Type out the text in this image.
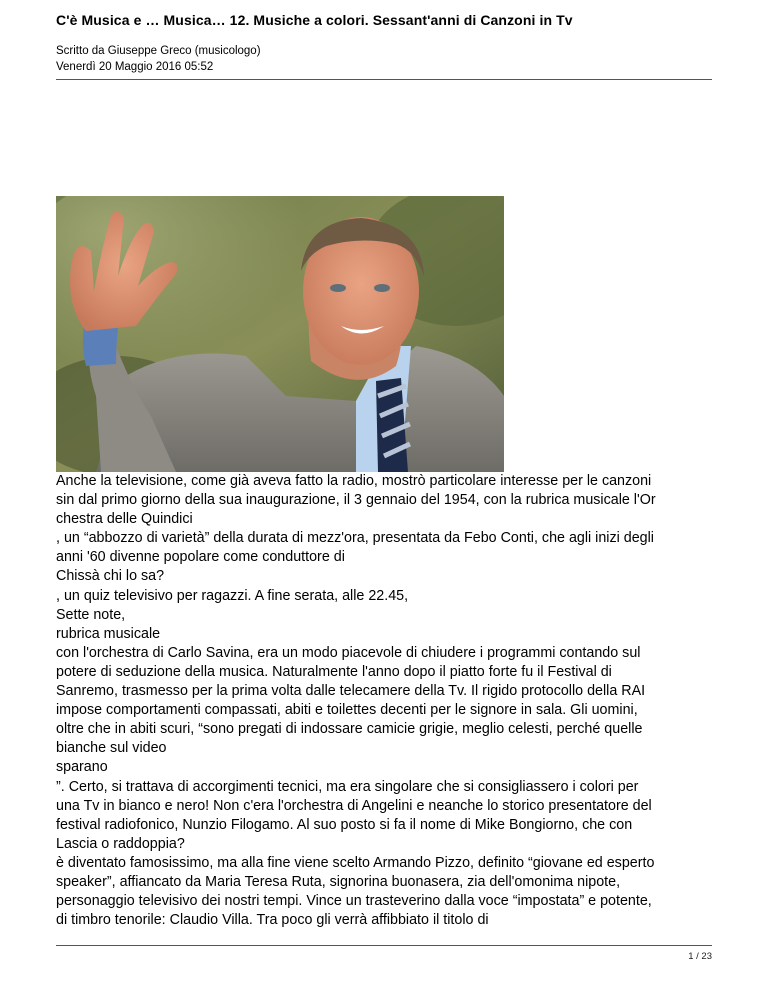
C'è Musica e … Musica… 12. Musiche a colori. Sessant'anni di Canzoni in Tv
Scritto da Giuseppe Greco (musicologo)
Venerdì 20 Maggio 2016 05:52
Anche la televisione, come già aveva fatto la radio, mostrò particolare interesse per le canzoni
sin dal primo giorno della sua inaugurazione, il 3 gennaio del 1954, con la rubrica musicale l'Or
chestra delle Quindici
, un “abbozzo di varietà” della durata di mezz'ora, presentata da Febo Conti, che agli inizi degli
anni '60 divenne popolare come conduttore di
Chissà chi lo sa?
, un quiz televisivo per ragazzi. A fine serata, alle 22.45,
Sette note,
rubrica musicale
con l'orchestra di Carlo Savina, era un modo piacevole di chiudere i programmi contando sul
potere di seduzione della musica. Naturalmente l'anno dopo il piatto forte fu il Festival di
Sanremo, trasmesso per la prima volta dalle telecamere della Tv. Il rigido protocollo della RAI
impose comportamenti compassati, abiti e toilettes decenti per le signore in sala. Gli uomini,
oltre che in abiti scuri, “sono pregati di indossare camicie grigie, meglio celesti, perché quelle
bianche sul video
sparano
”. Certo, si trattava di accorgimenti tecnici, ma era singolare che si consigliassero i colori per
una Tv in bianco e nero! Non c'era l'orchestra di Angelini e neanche lo storico presentatore del
festival radiofonico, Nunzio Filogamo. Al suo posto si fa il nome di Mike Bongiorno, che con
Lascia o raddoppia?
è diventato famosissimo, ma alla fine viene scelto Armando Pizzo, definito “giovane ed esperto
speaker”, affiancato da Maria Teresa Ruta, signorina buonasera, zia dell'omonima nipote,
personaggio televisivo dei nostri tempi. Vince un trasteverino dalla voce “impostata” e potente,
di timbro tenorile: Claudio Villa. Tra poco gli verrà affibbiato il titolo di
1 / 23
